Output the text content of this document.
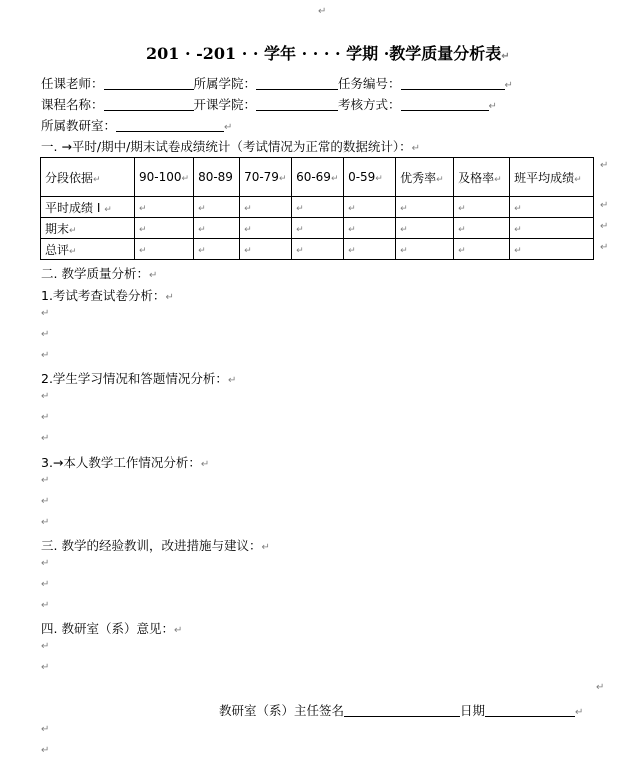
↵
201 · -201 · · 学年 · · · · 学期 ·教学质量分析表↵
任课老师：	所属学院：	任务编号：	↵
课程名称：	开课学院：	考核方式：	↵
所属教研室：	↵
一. →平时/期中/期末试卷成绩统计（考试情况为正常的数据统计）：↵
分段依据↵	90-100↵	80-89	70-79↵	60-69↵	0-59↵	优秀率↵	及格率↵	班平均成绩↵
平时成绩 I ↵	↵	↵	↵	↵	↵	↵	↵	↵
期末↵	↵	↵	↵	↵	↵	↵	↵	↵
总评↵	↵	↵	↵	↵	↵	↵	↵	↵
↵
↵
↵
↵
二. 教学质量分析：↵
1.考试考查试卷分析：↵
↵
↵
↵
2.学生学习情况和答题情况分析：↵
↵
↵
↵
3.→本人教学工作情况分析：↵
↵
↵
↵
三. 教学的经验教训，改进措施与建议：↵
↵
↵
↵
四. 教研室（系）意见：↵
↵
↵
↵
教研室（系）主任签名	日期	↵
↵
↵
